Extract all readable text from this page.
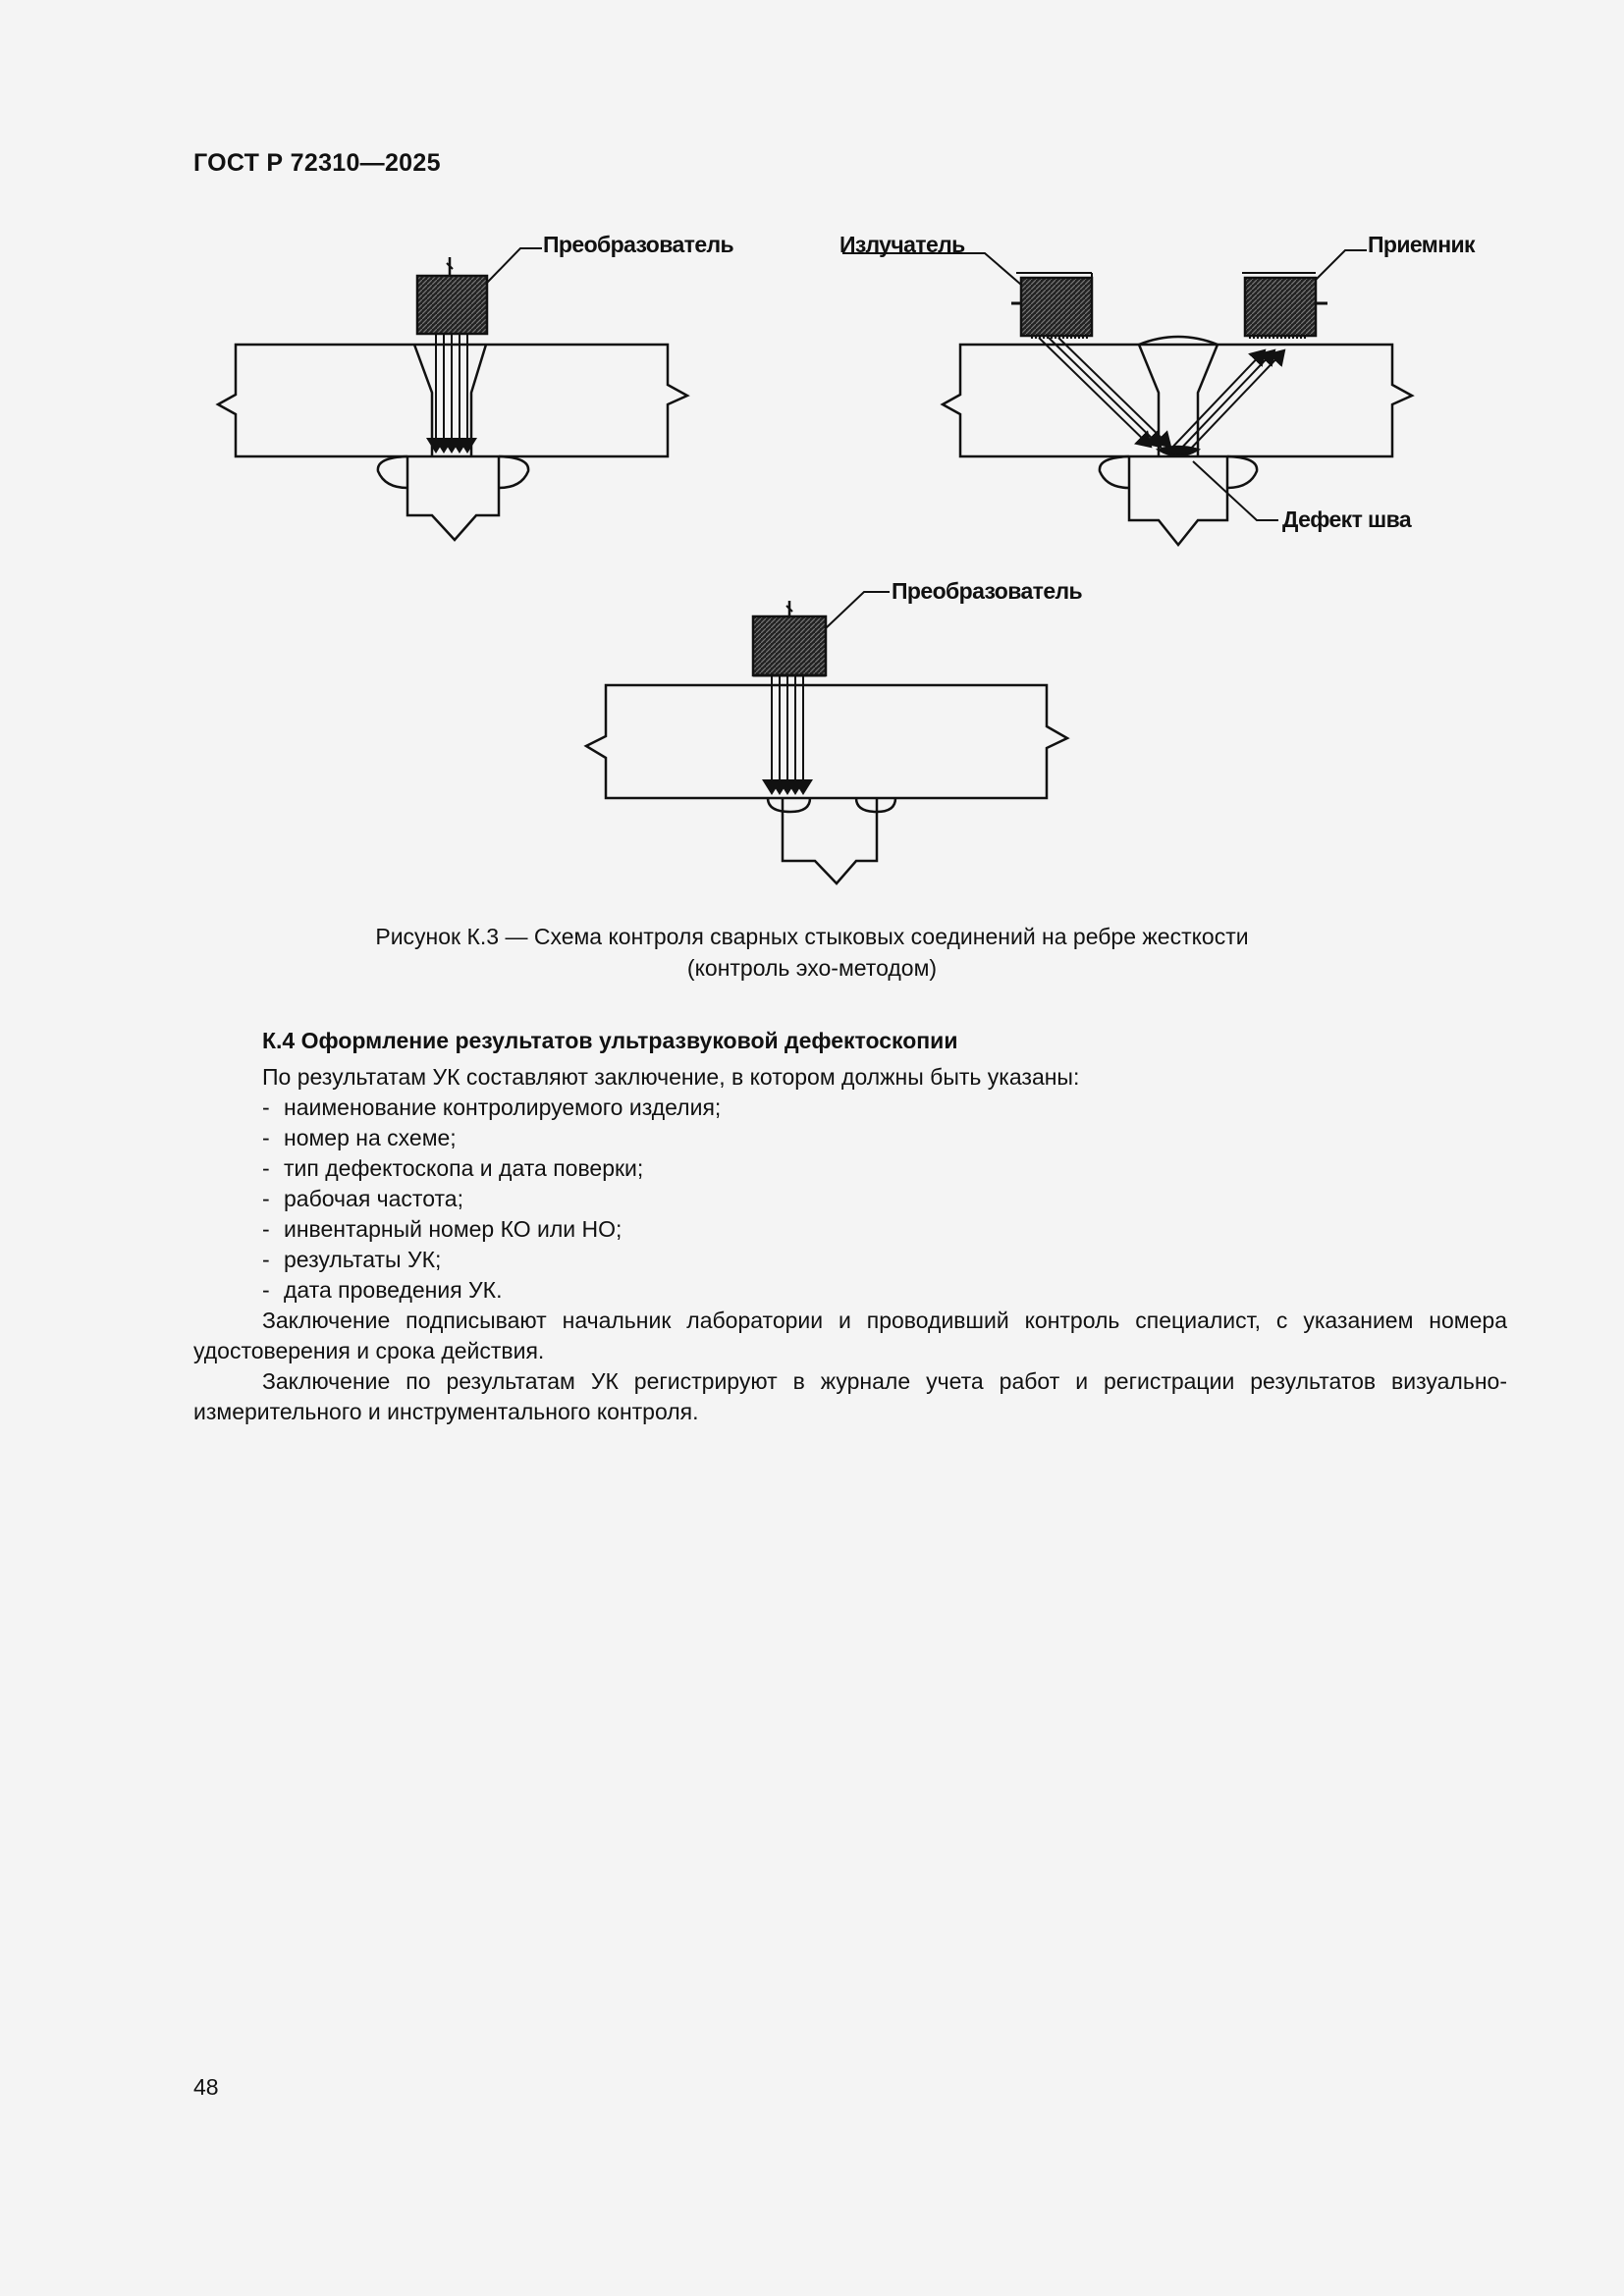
ГОСТ Р 72310—2025
Преобразователь	Излучатель	Приемник
Дефект шва
Преобразователь
Рисунок К.3 — Схема контроля сварных стыковых соединений на ребре жесткости
(контроль эхо-методом)
К.4 Оформление результатов ультразвуковой дефектоскопии
По результатам УК составляют заключение, в котором должны быть указаны:
- наименование контролируемого изделия;
- номер на схеме;
- тип дефектоскопа и дата поверки;
- рабочая частота;
- инвентарный номер КО или НО;
- результаты УК;
- дата проведения УК.
Заключение подписывают начальник лаборатории и проводивший контроль специалист, с указанием номера удостоверения и срока действия.
Заключение по результатам УК регистрируют в журнале учета работ и регистрации результатов визуально-измерительного и инструментального контроля.
48
